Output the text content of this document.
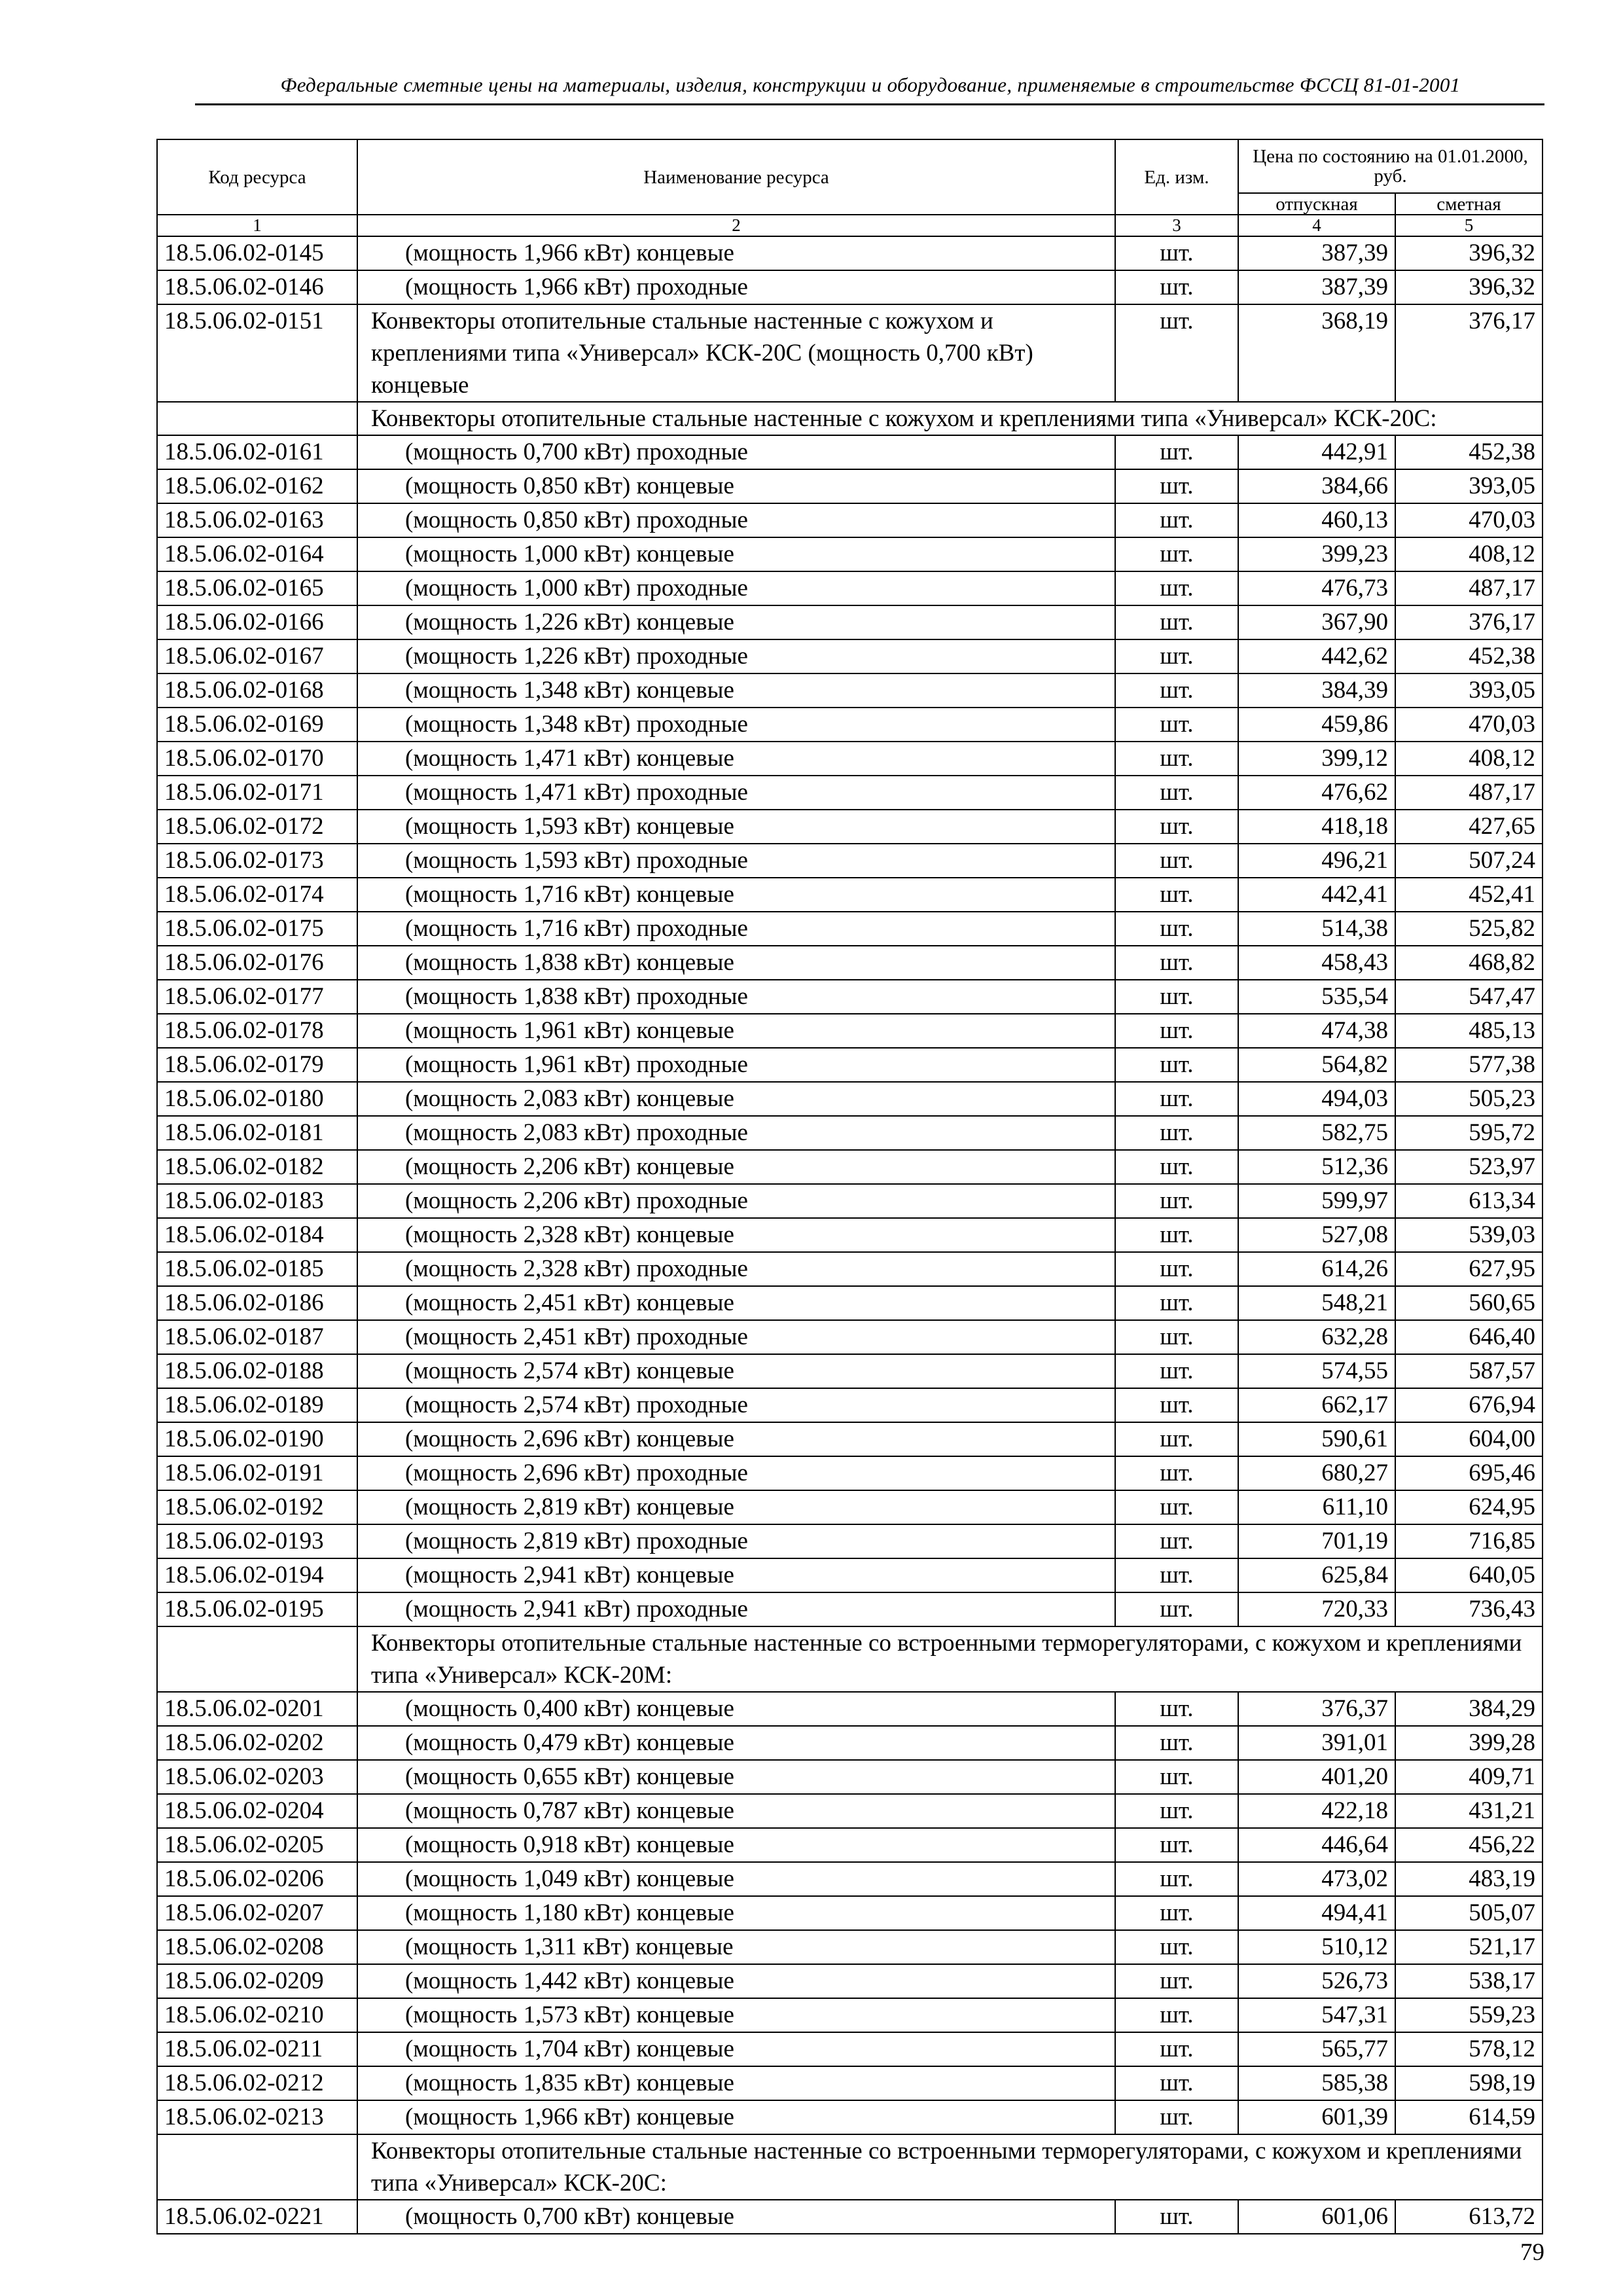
Федеральные сметные цены на материалы, изделия, конструкции и оборудование, применяемые в строительстве ФССЦ 81-01-2001
Код ресурса	Наименование ресурса	Ед. изм.	Цена по состоянию на 01.01.2000, руб.	
			отпускная	сметная
1	2	3	4	5
18.5.06.02-0145	(мощность 1,966 кВт) концевые	шт.	387,39	396,32
18.5.06.02-0146	(мощность 1,966 кВт) проходные	шт.	387,39	396,32
18.5.06.02-0151	Конвекторы отопительные стальные настенные с кожухом и креплениями типа «Универсал» КСК-20С (мощность 0,700 кВт) концевые	шт.	368,19	376,17
	Конвекторы отопительные стальные настенные с кожухом и креплениями типа «Универсал» КСК-20С:			
18.5.06.02-0161	(мощность 0,700 кВт) проходные	шт.	442,91	452,38
18.5.06.02-0162	(мощность 0,850 кВт) концевые	шт.	384,66	393,05
18.5.06.02-0163	(мощность 0,850 кВт) проходные	шт.	460,13	470,03
18.5.06.02-0164	(мощность 1,000 кВт) концевые	шт.	399,23	408,12
18.5.06.02-0165	(мощность 1,000 кВт) проходные	шт.	476,73	487,17
18.5.06.02-0166	(мощность 1,226 кВт) концевые	шт.	367,90	376,17
18.5.06.02-0167	(мощность 1,226 кВт) проходные	шт.	442,62	452,38
18.5.06.02-0168	(мощность 1,348 кВт) концевые	шт.	384,39	393,05
18.5.06.02-0169	(мощность 1,348 кВт) проходные	шт.	459,86	470,03
18.5.06.02-0170	(мощность 1,471 кВт) концевые	шт.	399,12	408,12
18.5.06.02-0171	(мощность 1,471 кВт) проходные	шт.	476,62	487,17
18.5.06.02-0172	(мощность 1,593 кВт) концевые	шт.	418,18	427,65
18.5.06.02-0173	(мощность 1,593 кВт) проходные	шт.	496,21	507,24
18.5.06.02-0174	(мощность 1,716 кВт) концевые	шт.	442,41	452,41
18.5.06.02-0175	(мощность 1,716 кВт) проходные	шт.	514,38	525,82
18.5.06.02-0176	(мощность 1,838 кВт) концевые	шт.	458,43	468,82
18.5.06.02-0177	(мощность 1,838 кВт) проходные	шт.	535,54	547,47
18.5.06.02-0178	(мощность 1,961 кВт) концевые	шт.	474,38	485,13
18.5.06.02-0179	(мощность 1,961 кВт) проходные	шт.	564,82	577,38
18.5.06.02-0180	(мощность 2,083 кВт) концевые	шт.	494,03	505,23
18.5.06.02-0181	(мощность 2,083 кВт) проходные	шт.	582,75	595,72
18.5.06.02-0182	(мощность 2,206 кВт) концевые	шт.	512,36	523,97
18.5.06.02-0183	(мощность 2,206 кВт) проходные	шт.	599,97	613,34
18.5.06.02-0184	(мощность 2,328 кВт) концевые	шт.	527,08	539,03
18.5.06.02-0185	(мощность 2,328 кВт) проходные	шт.	614,26	627,95
18.5.06.02-0186	(мощность 2,451 кВт) концевые	шт.	548,21	560,65
18.5.06.02-0187	(мощность 2,451 кВт) проходные	шт.	632,28	646,40
18.5.06.02-0188	(мощность 2,574 кВт) концевые	шт.	574,55	587,57
18.5.06.02-0189	(мощность 2,574 кВт) проходные	шт.	662,17	676,94
18.5.06.02-0190	(мощность 2,696 кВт) концевые	шт.	590,61	604,00
18.5.06.02-0191	(мощность 2,696 кВт) проходные	шт.	680,27	695,46
18.5.06.02-0192	(мощность 2,819 кВт) концевые	шт.	611,10	624,95
18.5.06.02-0193	(мощность 2,819 кВт) проходные	шт.	701,19	716,85
18.5.06.02-0194	(мощность 2,941 кВт) концевые	шт.	625,84	640,05
18.5.06.02-0195	(мощность 2,941 кВт) проходные	шт.	720,33	736,43
	Конвекторы отопительные стальные настенные со встроенными терморегуляторами, с кожухом и креплениями типа «Универсал» КСК-20М:			
18.5.06.02-0201	(мощность 0,400 кВт) концевые	шт.	376,37	384,29
18.5.06.02-0202	(мощность 0,479 кВт) концевые	шт.	391,01	399,28
18.5.06.02-0203	(мощность 0,655 кВт) концевые	шт.	401,20	409,71
18.5.06.02-0204	(мощность 0,787 кВт) концевые	шт.	422,18	431,21
18.5.06.02-0205	(мощность 0,918 кВт) концевые	шт.	446,64	456,22
18.5.06.02-0206	(мощность 1,049 кВт) концевые	шт.	473,02	483,19
18.5.06.02-0207	(мощность 1,180 кВт) концевые	шт.	494,41	505,07
18.5.06.02-0208	(мощность 1,311 кВт) концевые	шт.	510,12	521,17
18.5.06.02-0209	(мощность 1,442 кВт) концевые	шт.	526,73	538,17
18.5.06.02-0210	(мощность 1,573 кВт) концевые	шт.	547,31	559,23
18.5.06.02-0211	(мощность 1,704 кВт) концевые	шт.	565,77	578,12
18.5.06.02-0212	(мощность 1,835 кВт) концевые	шт.	585,38	598,19
18.5.06.02-0213	(мощность 1,966 кВт) концевые	шт.	601,39	614,59
	Конвекторы отопительные стальные настенные со встроенными терморегуляторами, с кожухом и креплениями типа «Универсал» КСК-20С:			
18.5.06.02-0221	(мощность 0,700 кВт) концевые	шт.	601,06	613,72
79
